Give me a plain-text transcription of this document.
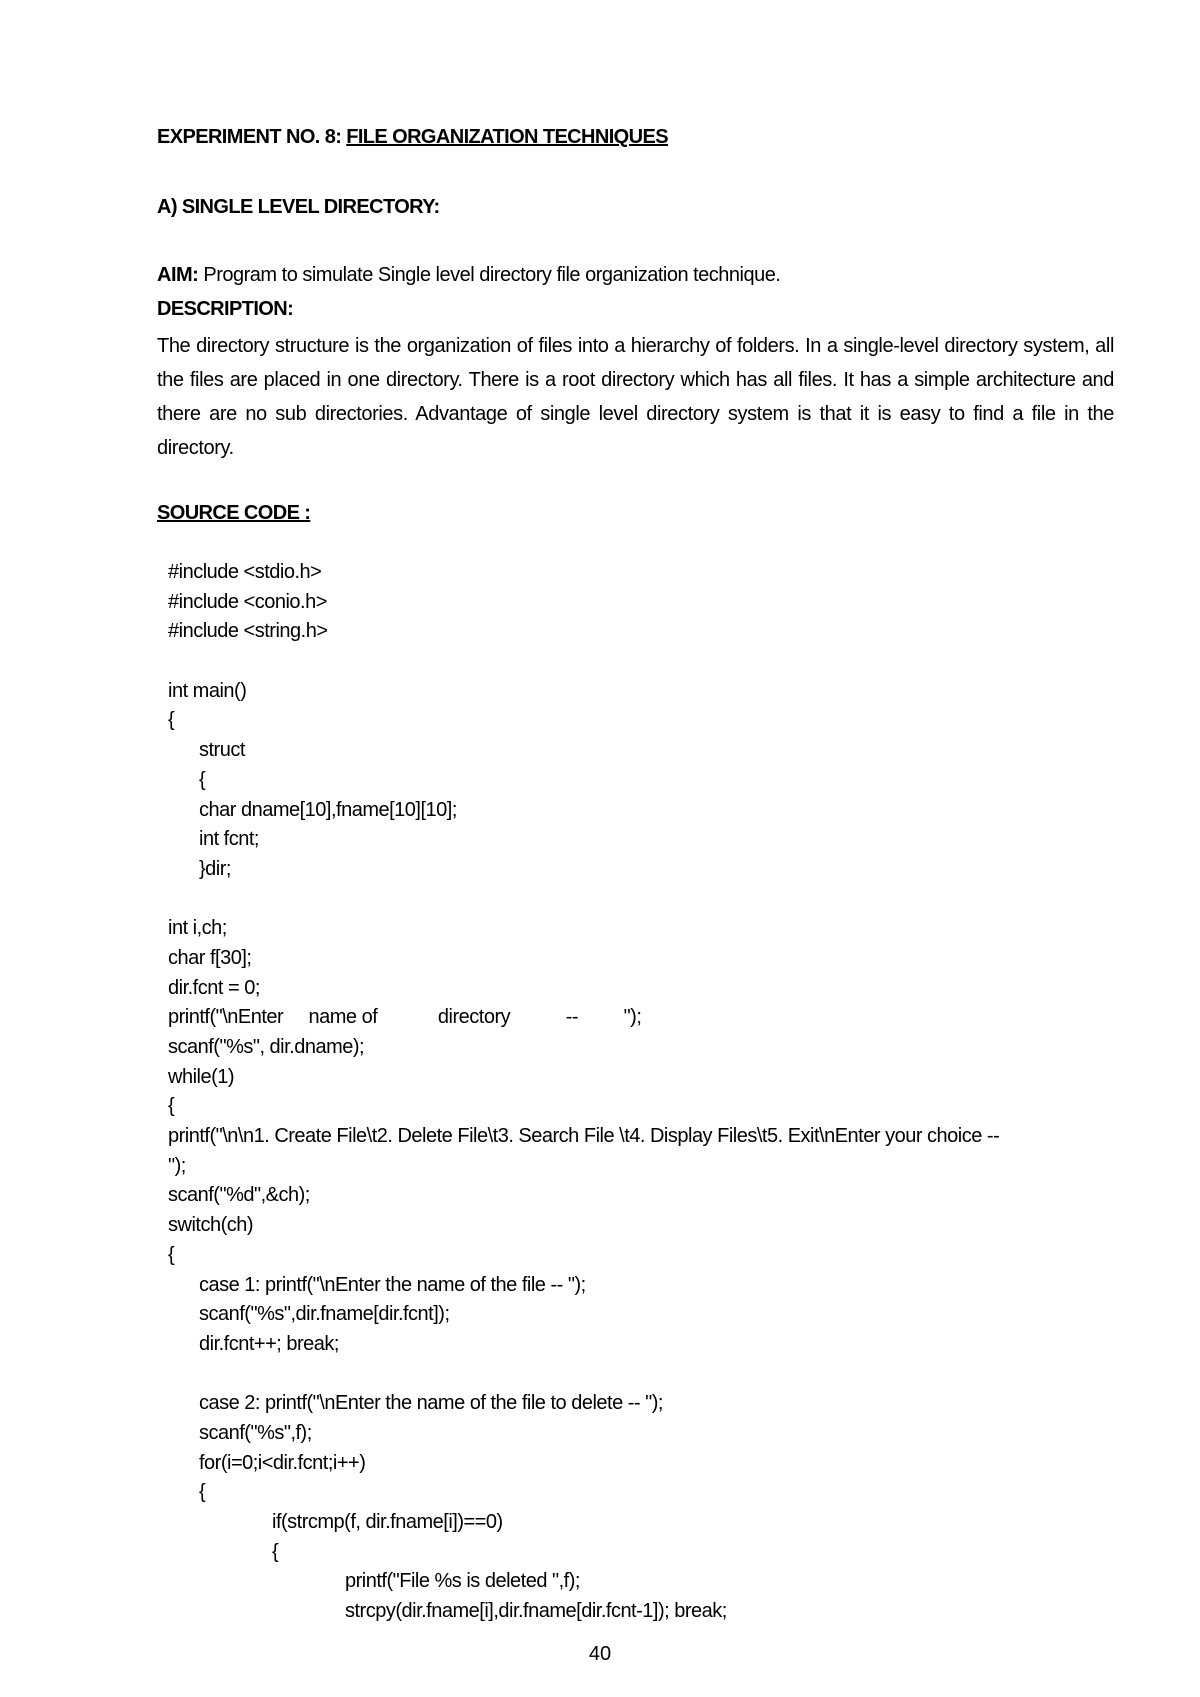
EXPERIMENT NO. 8: FILE ORGANIZATION TECHNIQUES
A) SINGLE LEVEL DIRECTORY:
AIM: Program to simulate Single level directory file organization technique.
DESCRIPTION:
The directory structure is the organization of files into a hierarchy of folders. In a single-level directory system, all the files are placed in one directory. There is a root directory which has all files. It has a simple architecture and there are no sub directories. Advantage of single level directory system is that it is easy to find a file in the directory.
SOURCE CODE :
#include <stdio.h>
#include <conio.h>
#include <string.h>
int main()
{
struct
{
char dname[10],fname[10][10];
int fcnt;
}dir;
int i,ch;
char f[30];
dir.fcnt = 0;
printf("\nEnter     name of            directory           --         ");
scanf("%s", dir.dname);
while(1)
{
printf("\n\n1. Create File\t2. Delete File\t3. Search File \t4. Display Files\t5. Exit\nEnter your choice --
");
scanf("%d",&ch);
switch(ch)
{
case 1: printf("\nEnter the name of the file -- ");
scanf("%s",dir.fname[dir.fcnt]);
dir.fcnt++; break;
case 2: printf("\nEnter the name of the file to delete -- ");
scanf("%s",f);
for(i=0;i<dir.fcnt;i++)
{
if(strcmp(f, dir.fname[i])==0)
{
printf("File %s is deleted ",f);
strcpy(dir.fname[i],dir.fname[dir.fcnt-1]); break;
40
